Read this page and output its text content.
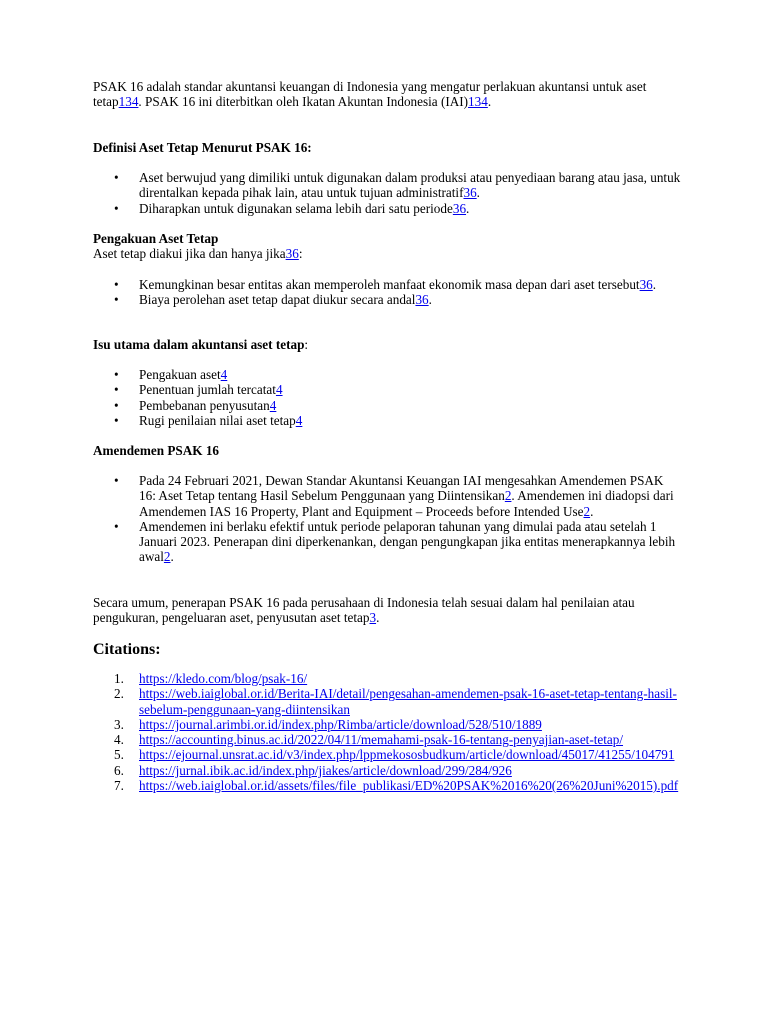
PSAK 16 adalah standar akuntansi keuangan di Indonesia yang mengatur perlakuan akuntansi untuk aset tetap134. PSAK 16 ini diterbitkan oleh Ikatan Akuntan Indonesia (IAI)134.

Definisi Aset Tetap Menurut PSAK 16:

• Aset berwujud yang dimiliki untuk digunakan dalam produksi atau penyediaan barang atau jasa, untuk direntalkan kepada pihak lain, atau untuk tujuan administratif36.
• Diharapkan untuk digunakan selama lebih dari satu periode36.

Pengakuan Aset Tetap

Aset tetap diakui jika dan hanya jika36:

• Kemungkinan besar entitas akan memperoleh manfaat ekonomik masa depan dari aset tersebut36.
• Biaya perolehan aset tetap dapat diukur secara andal36.

Isu utama dalam akuntansi aset tetap:

• Pengakuan aset4
• Penentuan jumlah tercatat4
• Pembebanan penyusutan4
• Rugi penilaian nilai aset tetap4

Amendemen PSAK 16

• Pada 24 Februari 2021, Dewan Standar Akuntansi Keuangan IAI mengesahkan Amendemen PSAK 16: Aset Tetap tentang Hasil Sebelum Penggunaan yang Diintensikan2. Amendemen ini diadopsi dari Amendemen IAS 16 Property, Plant and Equipment – Proceeds before Intended Use2.
• Amendemen ini berlaku efektif untuk periode pelaporan tahunan yang dimulai pada atau setelah 1 Januari 2023. Penerapan dini diperkenankan, dengan pengungkapan jika entitas menerapkannya lebih awal2.

Secara umum, penerapan PSAK 16 pada perusahaan di Indonesia telah sesuai dalam hal penilaian atau pengukuran, pengeluaran aset, penyusutan aset tetap3.

Citations:

1. https://kledo.com/blog/psak-16/
2. https://web.iaiglobal.or.id/Berita-IAI/detail/pengesahan-amendemen-psak-16-aset-tetap-tentang-hasil-sebelum-penggunaan-yang-diintensikan
3. https://journal.arimbi.or.id/index.php/Rimba/article/download/528/510/1889
4. https://accounting.binus.ac.id/2022/04/11/memahami-psak-16-tentang-penyajian-aset-tetap/
5. https://ejournal.unsrat.ac.id/v3/index.php/lppmekososbudkum/article/download/45017/41255/104791
6. https://jurnal.ibik.ac.id/index.php/jiakes/article/download/299/284/926
7. https://web.iaiglobal.or.id/assets/files/file_publikasi/ED%20PSAK%2016%20(26%20Juni%2015).pdf
